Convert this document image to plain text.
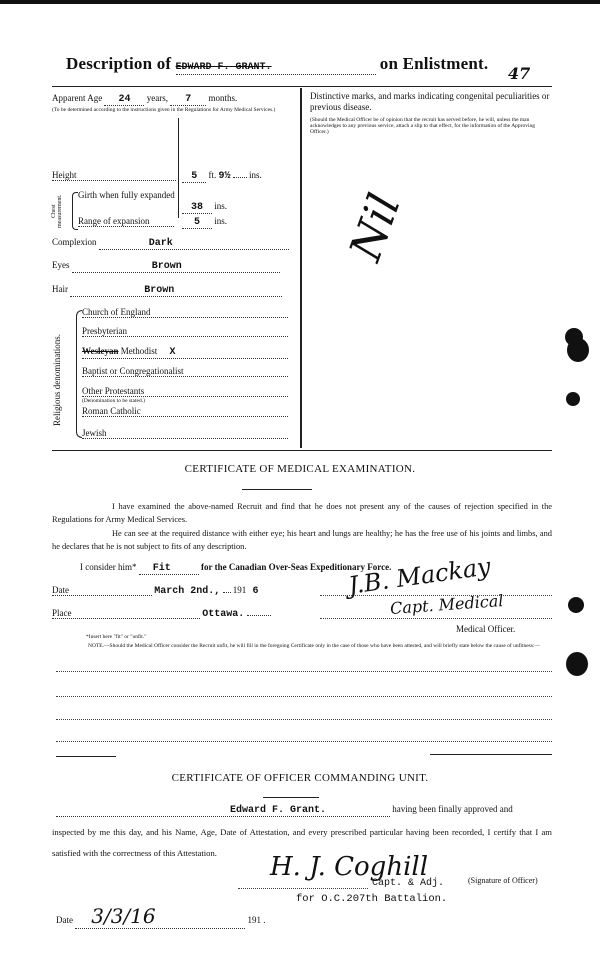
Description of EDWARD F. GRANT.	on Enlistment.
47
Apparent Age 24 years, 7 months.
(To be determined according to the instructions given in the Regulations for Army Medical Services.)
Height	5 ft. 9½ ins.
Chest measurement.	Girth when fully expanded
38 ins.
Range of expansion	5 ins.
Complexion	Dark
Eyes	Brown
Hair	Brown
Religious denominations.
Church of England
Presbyterian
Wesleyan Methodist X
Baptist or Congregationalist
Other Protestants
(Denomination to be stated.)
Roman Catholic
Jewish
Distinctive marks, and marks indicating congenital peculiarities or previous disease.
(Should the Medical Officer be of opinion that the recruit has served before, he will, unless the man acknowledges to any previous service, attach a slip to that effect, for the information of the Approving Officer.)
Nil
CERTIFICATE OF MEDICAL EXAMINATION.
I have examined the above-named Recruit and find that he does not present any of the causes of rejection specified in the Regulations for Army Medical Services.
He can see at the required distance with either eye; his heart and lungs are healthy; he has the free use of his joints and limbs, and he declares that he is not subject to fits of any description.
I consider him* Fit	for the Canadian Over-Seas Expeditionary Force.
Date	March 2nd., 191 6
Place	Ottawa.
J.B. Mackay
Capt. Medical
Medical Officer.
*Insert here "fit" or "unfit."
NOTE.—Should the Medical Officer consider the Recruit unfit, he will fill in the foregoing Certificate only in the case of those who have been attested, and will briefly state below the cause of unfitness:—
CERTIFICATE OF OFFICER COMMANDING UNIT.
Edward F. Grant.	having been finally approved and
inspected by me this day, and his Name, Age, Date of Attestation, and every prescribed particular having been recorded, I certify that I am satisfied with the correctness of this Attestation.	H. J. Coghill
Capt. & Adj.	(Signature of Officer)
for O.C.207th Battalion.
Date 3/3/16	191 .
